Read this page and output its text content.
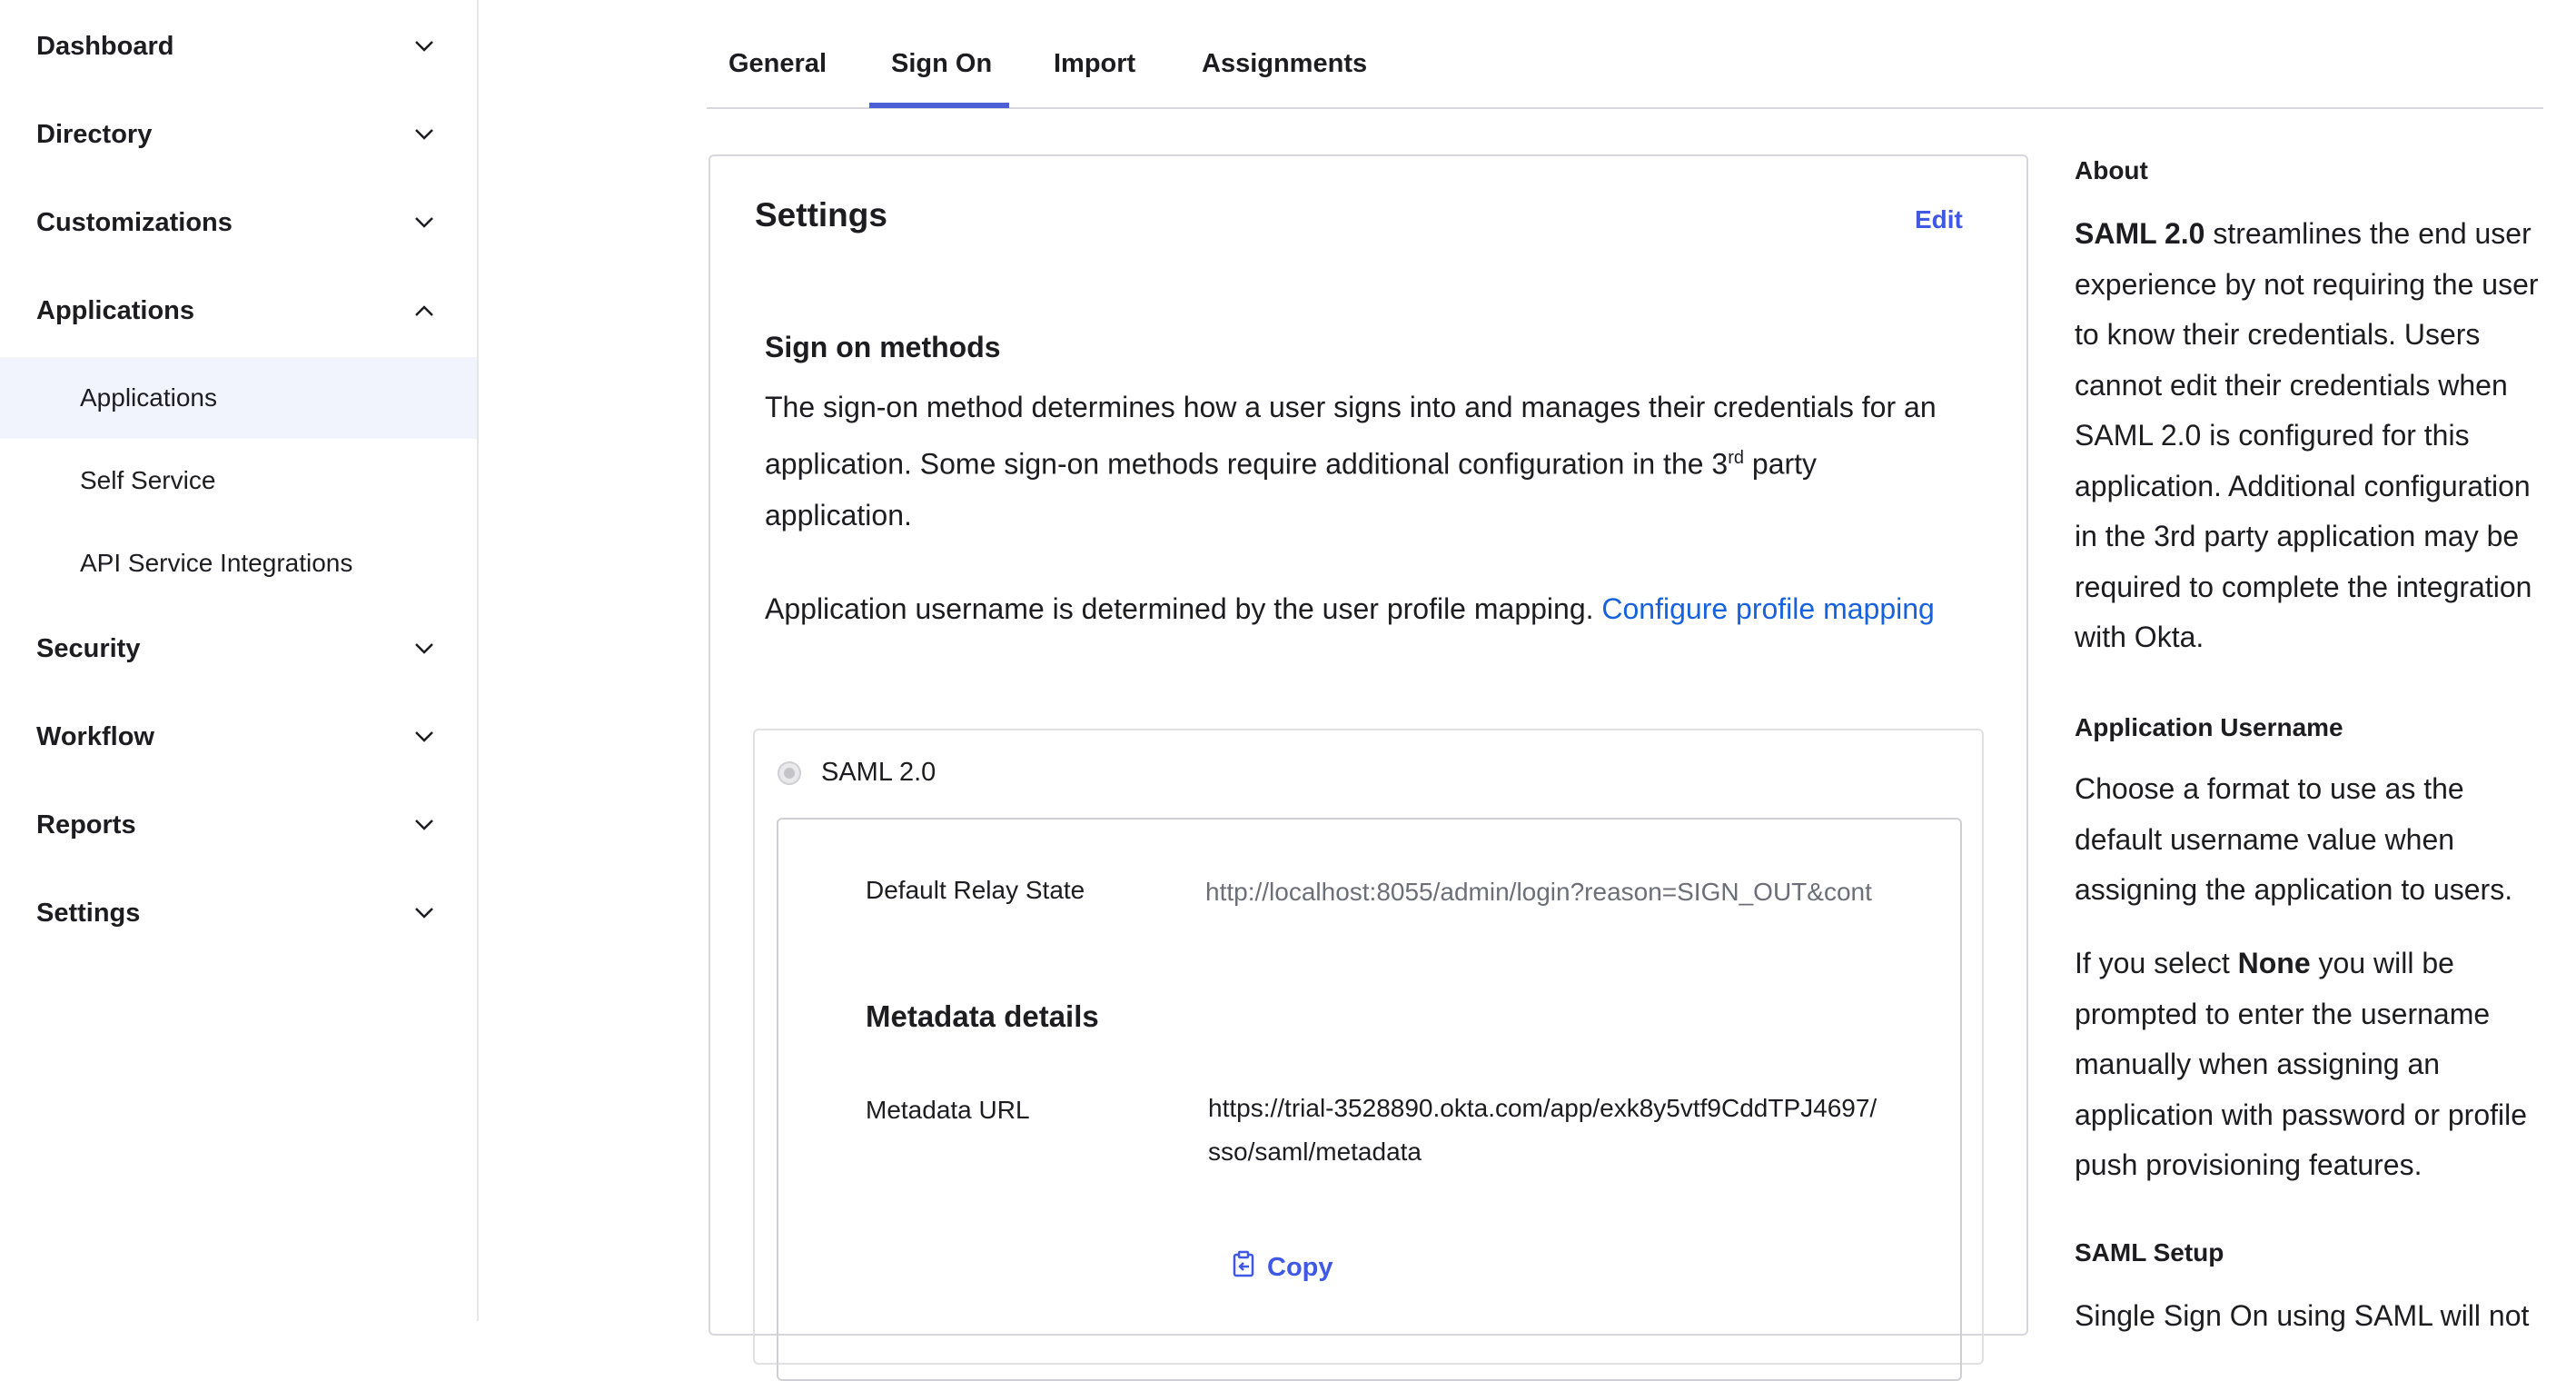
Dashboard
Directory
Customizations
Applications
Applications
Self Service
API Service Integrations
Security
Workflow
Reports
Settings
General Sign On Import	Assignments
Settings	Edit
Sign on methods
The sign-on method determines how a user signs into and manages their credentials for an application. Some sign-on methods require additional configuration in the 3rd party application.
Application username is determined by the user profile mapping. Configure profile mapping
SAML 2.0
Default Relay State	http://localhost:8055/admin/login?reason=SIGN_OUT&cont
Metadata details
Metadata URL	https://trial-3528890.okta.com/app/exk8y5vtf9CddTPJ4697/sso/saml/metadata
Copy
About
SAML 2.0 streamlines the end user experience by not requiring the user to know their credentials. Users cannot edit their credentials when SAML 2.0 is configured for this application. Additional configuration in the 3rd party application may be required to complete the integration with Okta.
Application Username
Choose a format to use as the default username value when assigning the application to users.
If you select None you will be prompted to enter the username manually when assigning an application with password or profile push provisioning features.
SAML Setup
Single Sign On using SAML will not
